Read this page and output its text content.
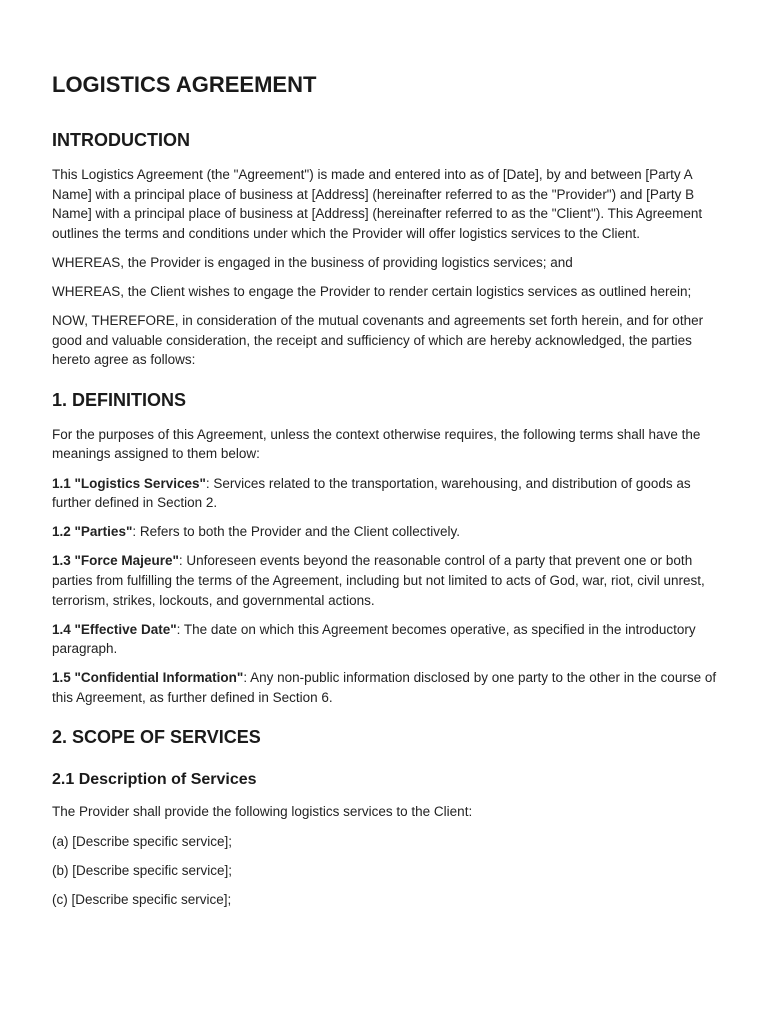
LOGISTICS AGREEMENT
INTRODUCTION

This Logistics Agreement (the "Agreement") is made and entered into as of [Date], by and between [Party A Name] with a principal place of business at [Address] (hereinafter referred to as the "Provider") and [Party B Name] with a principal place of business at [Address] (hereinafter referred to as the "Client"). This Agreement outlines the terms and conditions under which the Provider will offer logistics services to the Client.

WHEREAS, the Provider is engaged in the business of providing logistics services; and

WHEREAS, the Client wishes to engage the Provider to render certain logistics services as outlined herein;

NOW, THEREFORE, in consideration of the mutual covenants and agreements set forth herein, and for other good and valuable consideration, the receipt and sufficiency of which are hereby acknowledged, the parties hereto agree as follows:

1. DEFINITIONS

For the purposes of this Agreement, unless the context otherwise requires, the following terms shall have the meanings assigned to them below:

1.1 "Logistics Services": Services related to the transportation, warehousing, and distribution of goods as further defined in Section 2.

1.2 "Parties": Refers to both the Provider and the Client collectively.

1.3 "Force Majeure": Unforeseen events beyond the reasonable control of a party that prevent one or both parties from fulfilling the terms of the Agreement, including but not limited to acts of God, war, riot, civil unrest, terrorism, strikes, lockouts, and governmental actions.

1.4 "Effective Date": The date on which this Agreement becomes operative, as specified in the introductory paragraph.

1.5 "Confidential Information": Any non-public information disclosed by one party to the other in the course of this Agreement, as further defined in Section 6.

2. SCOPE OF SERVICES
2.1 Description of Services

The Provider shall provide the following logistics services to the Client:

(a) [Describe specific service];

(b) [Describe specific service];

(c) [Describe specific service];
